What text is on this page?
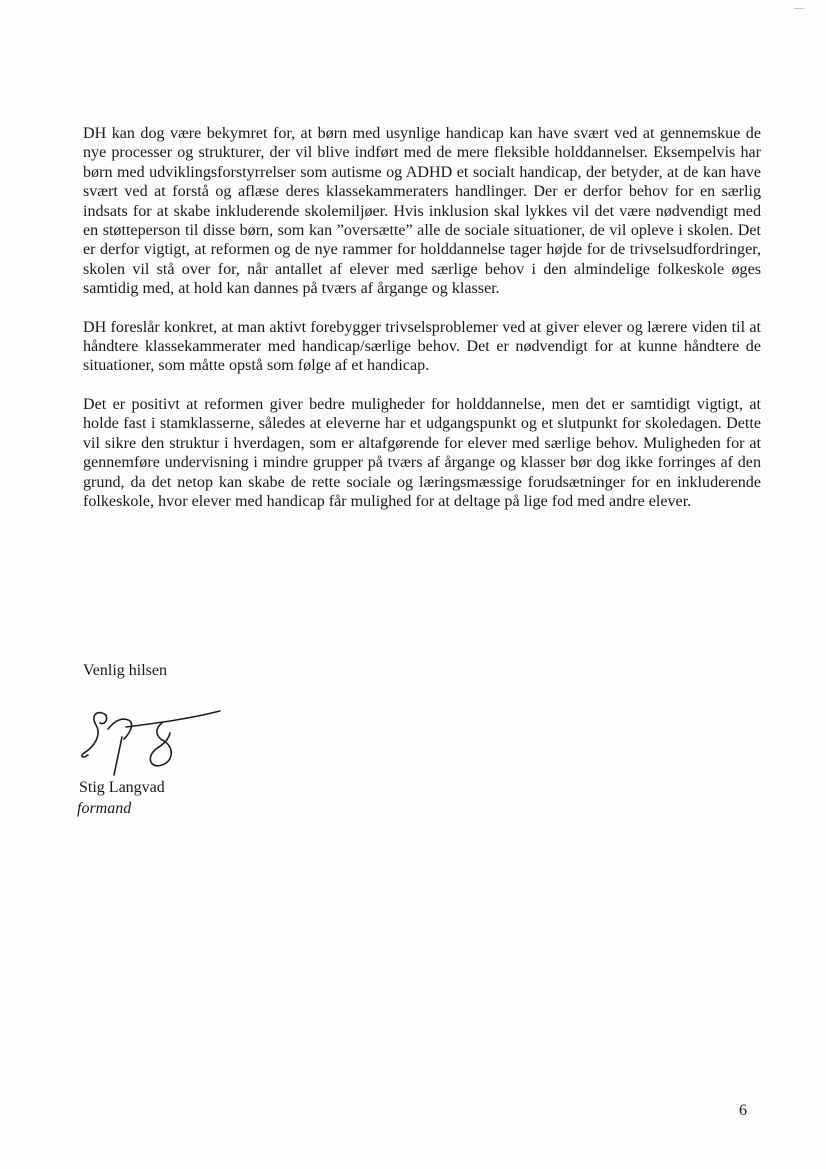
DH kan dog være bekymret for, at børn med usynlige handicap kan have svært ved at gennemskue de nye processer og strukturer, der vil blive indført med de mere fleksible holddannelser. Eksempelvis har børn med udviklingsforstyrrelser som autisme og ADHD et socialt handicap, der betyder, at de kan have svært ved at forstå og aflæse deres klassekammeraters handlinger. Der er derfor behov for en særlig indsats for at skabe inkluderende skolemiljøer. Hvis inklusion skal lykkes vil det være nødvendigt med en støtteperson til disse børn, som kan ”oversætte” alle de sociale situationer, de vil opleve i skolen. Det er derfor vigtigt, at reformen og de nye rammer for holddannelse tager højde for de trivselsudfordringer, skolen vil stå over for, når antallet af elever med særlige behov i den almindelige folkeskole øges samtidig med, at hold kan dannes på tværs af årgange og klasser.

DH foreslår konkret, at man aktivt forebygger trivselsproblemer ved at giver elever og lærere viden til at håndtere klassekammerater med handicap/særlige behov. Det er nødvendigt for at kunne håndtere de situationer, som måtte opstå som følge af et handicap.

Det er positivt at reformen giver bedre muligheder for holddannelse, men det er samtidigt vigtigt, at holde fast i stamklasserne, således at eleverne har et udgangspunkt og et slutpunkt for skoledagen. Dette vil sikre den struktur i hverdagen, som er altafgørende for elever med særlige behov. Muligheden for at gennemføre undervisning i mindre grupper på tværs af årgange og klasser bør dog ikke forringes af den grund, da det netop kan skabe de rette sociale og læringsmæssige forudsætninger for en inkluderende folkeskole, hvor elever med handicap får mulighed for at deltage på lige fod med andre elever.

Venlig hilsen
Stig Langvad
formand
6
